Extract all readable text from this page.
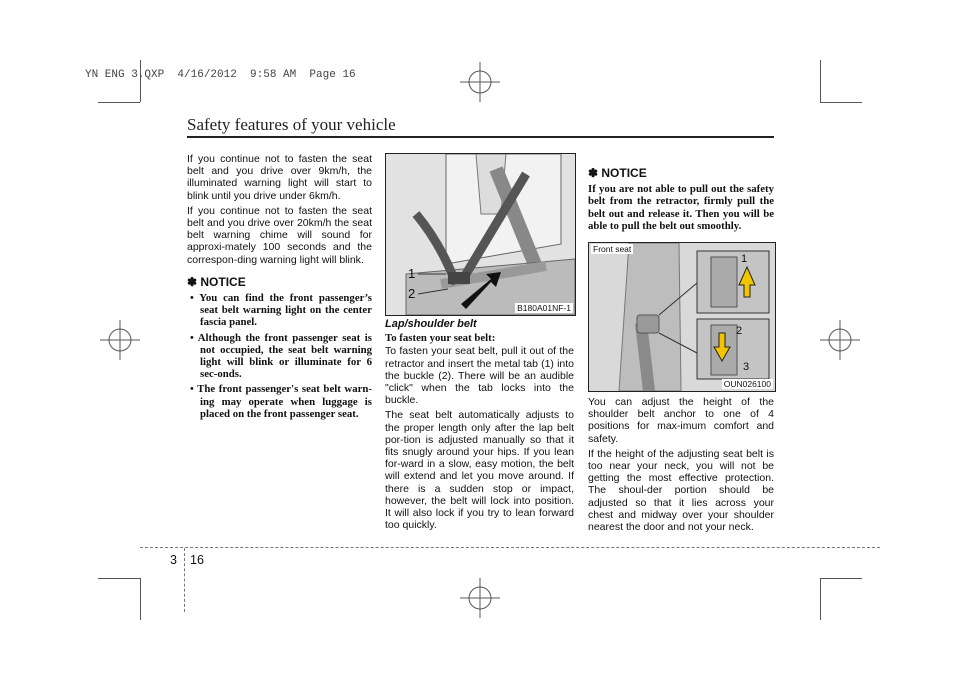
YN ENG 3.QXP  4/16/2012  9:58 AM  Page 16
Safety features of your vehicle

If you continue not to fasten the seat belt and you drive over 9km/h, the illuminated warning light will start to blink until you drive under 6km/h.

If you continue not to fasten the seat belt and you drive over 20km/h the seat belt warning chime will sound for approxi-mately 100 seconds and the correspon-ding warning light will blink.

✽ NOTICE
• You can find the front passenger’s seat belt warning light on the center fascia panel.
• Although the front passenger seat is not occupied, the seat belt warning light will blink or illuminate for 6 sec-onds.
• The front passenger's seat belt warn-ing may operate when luggage is placed on the front passenger seat.
1
2
B180A01NF-1
Lap/shoulder belt
To fasten your seat belt:

To fasten your seat belt, pull it out of the retractor and insert the metal tab (1) into the buckle (2). There will be an audible "click" when the tab locks into the buckle.

The seat belt automatically adjusts to the proper length only after the lap belt por-tion is adjusted manually so that it fits snugly around your hips. If you lean for-ward in a slow, easy motion, the belt will extend and let you move around. If there is a sudden stop or impact, however, the belt will lock into position. It will also lock if you try to lean forward too quickly.

✽ NOTICE
If you are not able to pull out the safety belt from the retractor, firmly pull the belt out and release it. Then you will be able to pull the belt out smoothly.
Front seat
1
2
3
OUN026100

You can adjust the height of the shoulder belt anchor to one of 4 positions for max-imum comfort and safety.

If the height of the adjusting seat belt is too near your neck, you will not be getting the most effective protection. The shoul-der portion should be adjusted so that it lies across your chest and midway over your shoulder nearest the door and not your neck.

3 16
